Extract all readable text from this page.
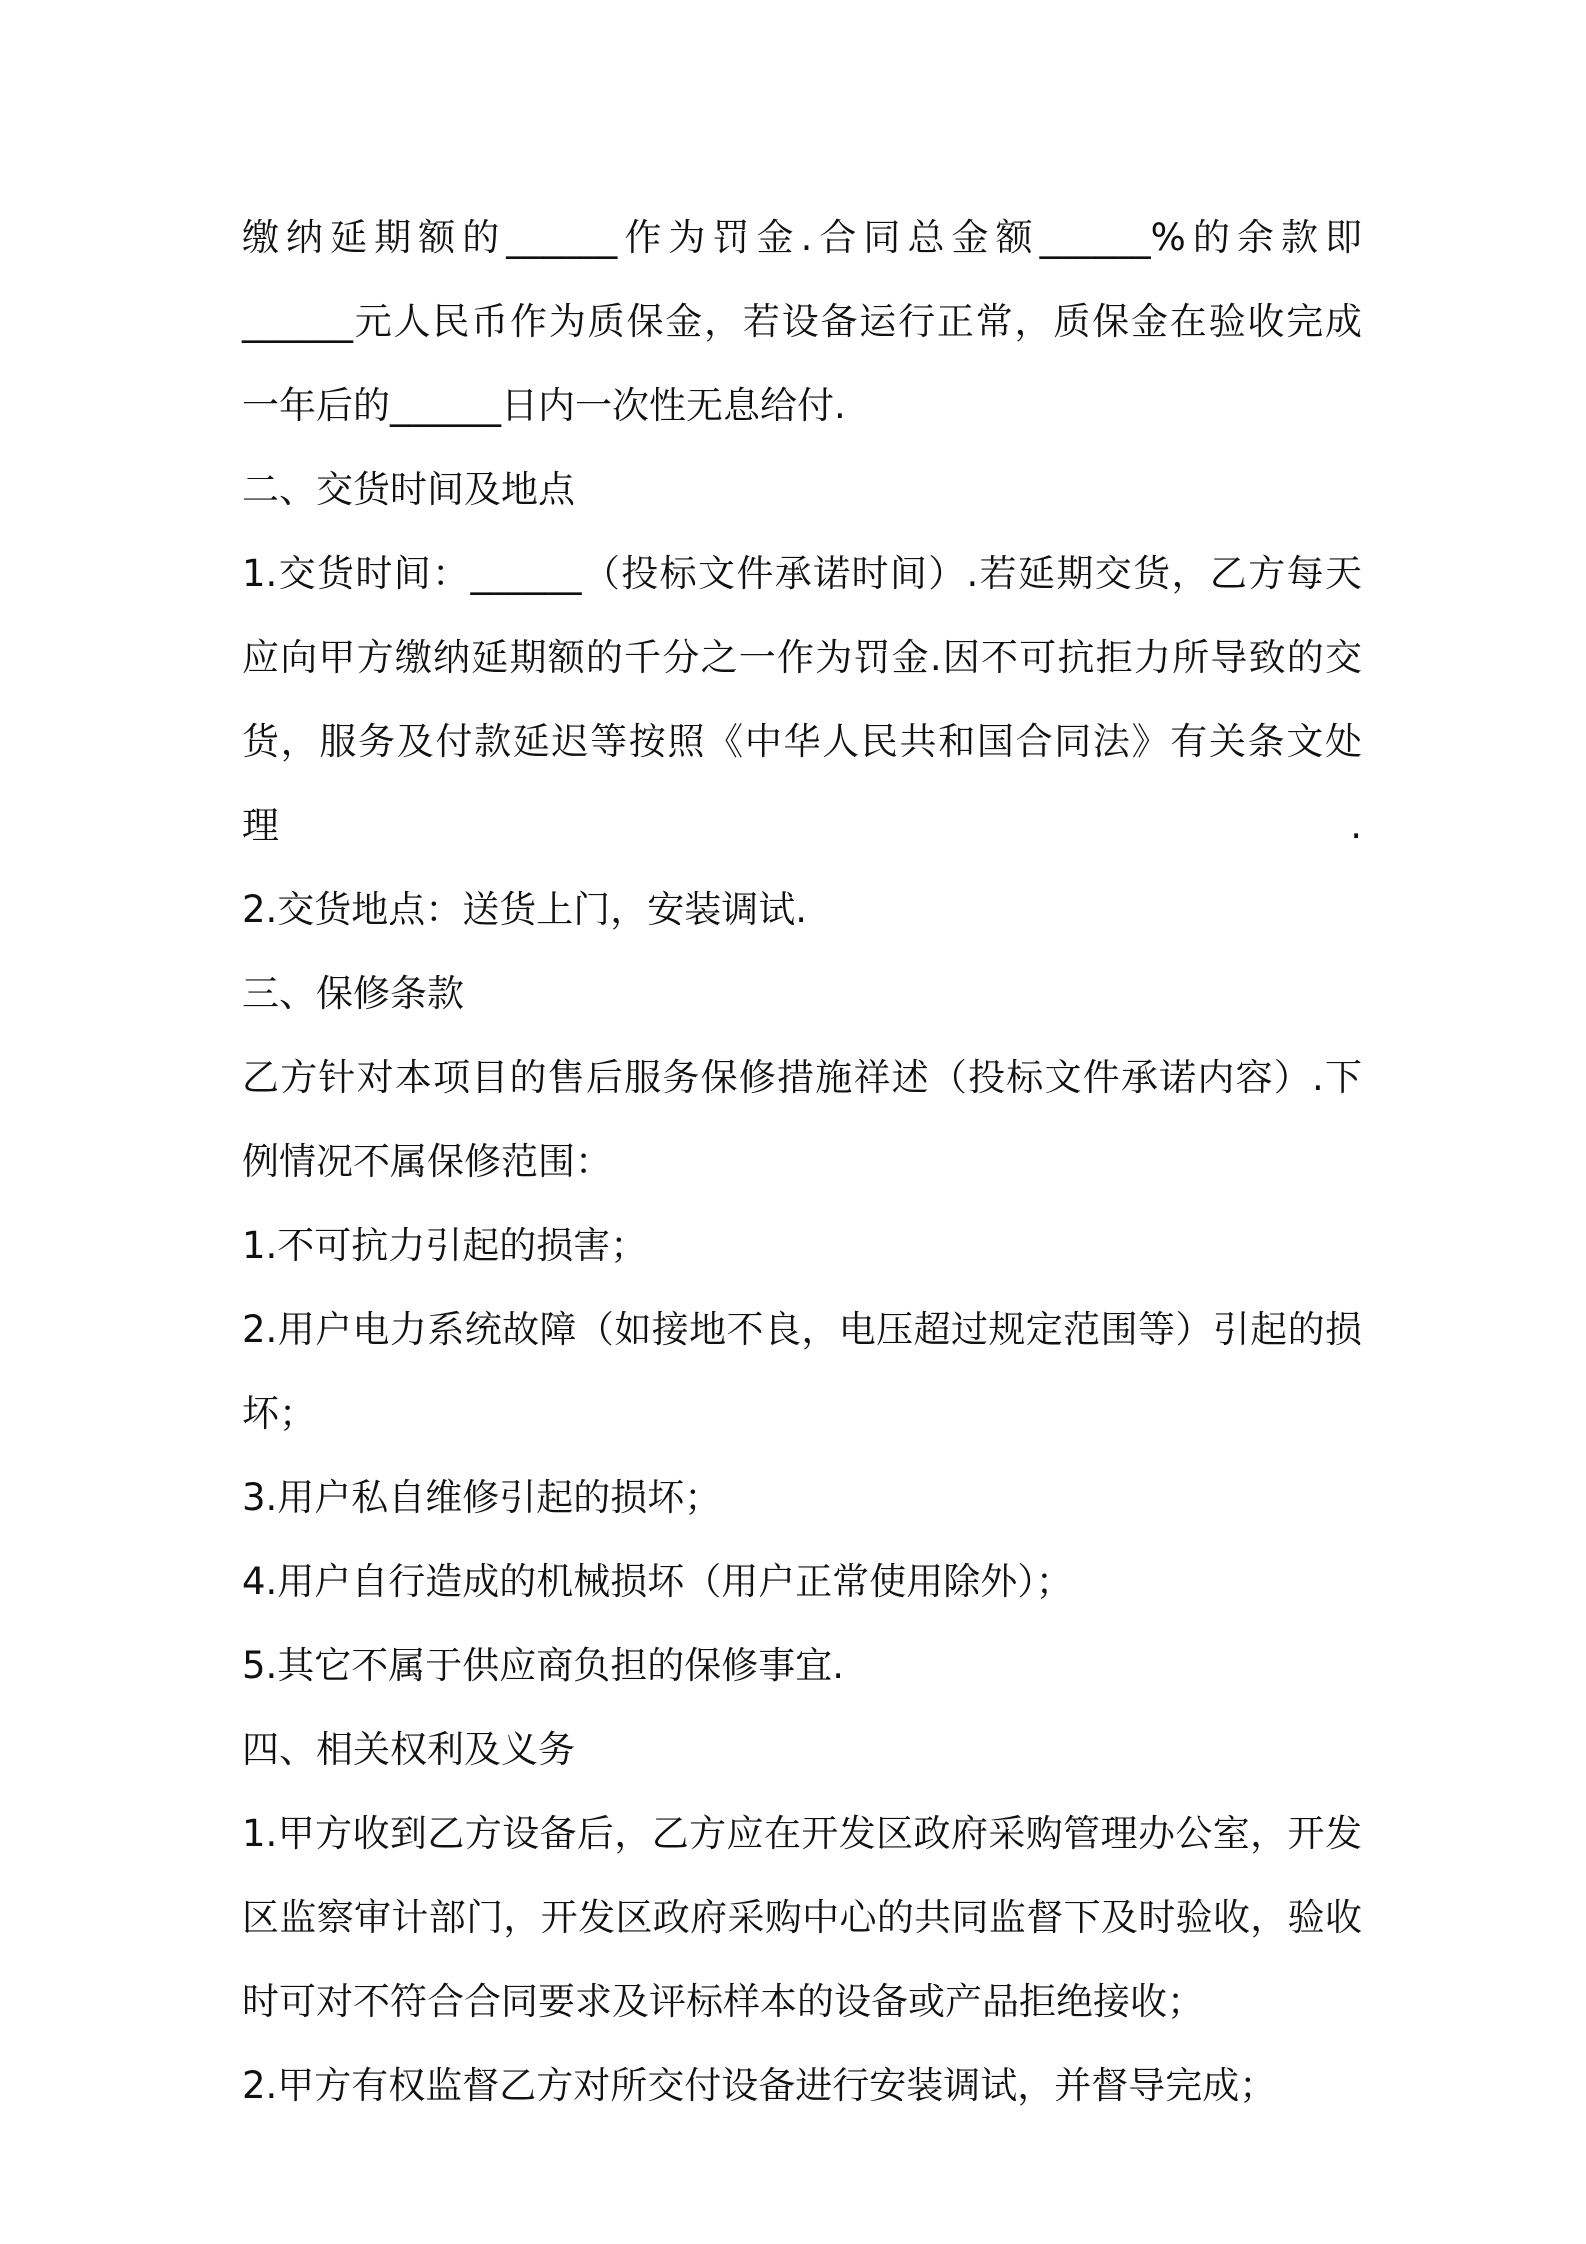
缴纳延期额的______作为罚金.合同总金额______%的余款即

______元人民币作为质保金，若设备运行正常，质保金在验收完成

一年后的______日内一次性无息给付.

二、交货时间及地点

1.交货时间：______（投标文件承诺时间）.若延期交货，乙方每天

应向甲方缴纳延期额的千分之一作为罚金.因不可抗拒力所导致的交

货，服务及付款延迟等按照《中华人民共和国合同法》有关条文处理.

2.交货地点：送货上门，安装调试.

三、保修条款

乙方针对本项目的售后服务保修措施祥述（投标文件承诺内容）.下

例情况不属保修范围：

1.不可抗力引起的损害；

2.用户电力系统故障（如接地不良，电压超过规定范围等）引起的损

坏；

3.用户私自维修引起的损坏；

4.用户自行造成的机械损坏（用户正常使用除外）；

5.其它不属于供应商负担的保修事宜.

四、相关权利及义务

1.甲方收到乙方设备后，乙方应在开发区政府采购管理办公室，开发

区监察审计部门，开发区政府采购中心的共同监督下及时验收，验收

时可对不符合合同要求及评标样本的设备或产品拒绝接收；

2.甲方有权监督乙方对所交付设备进行安装调试，并督导完成；
